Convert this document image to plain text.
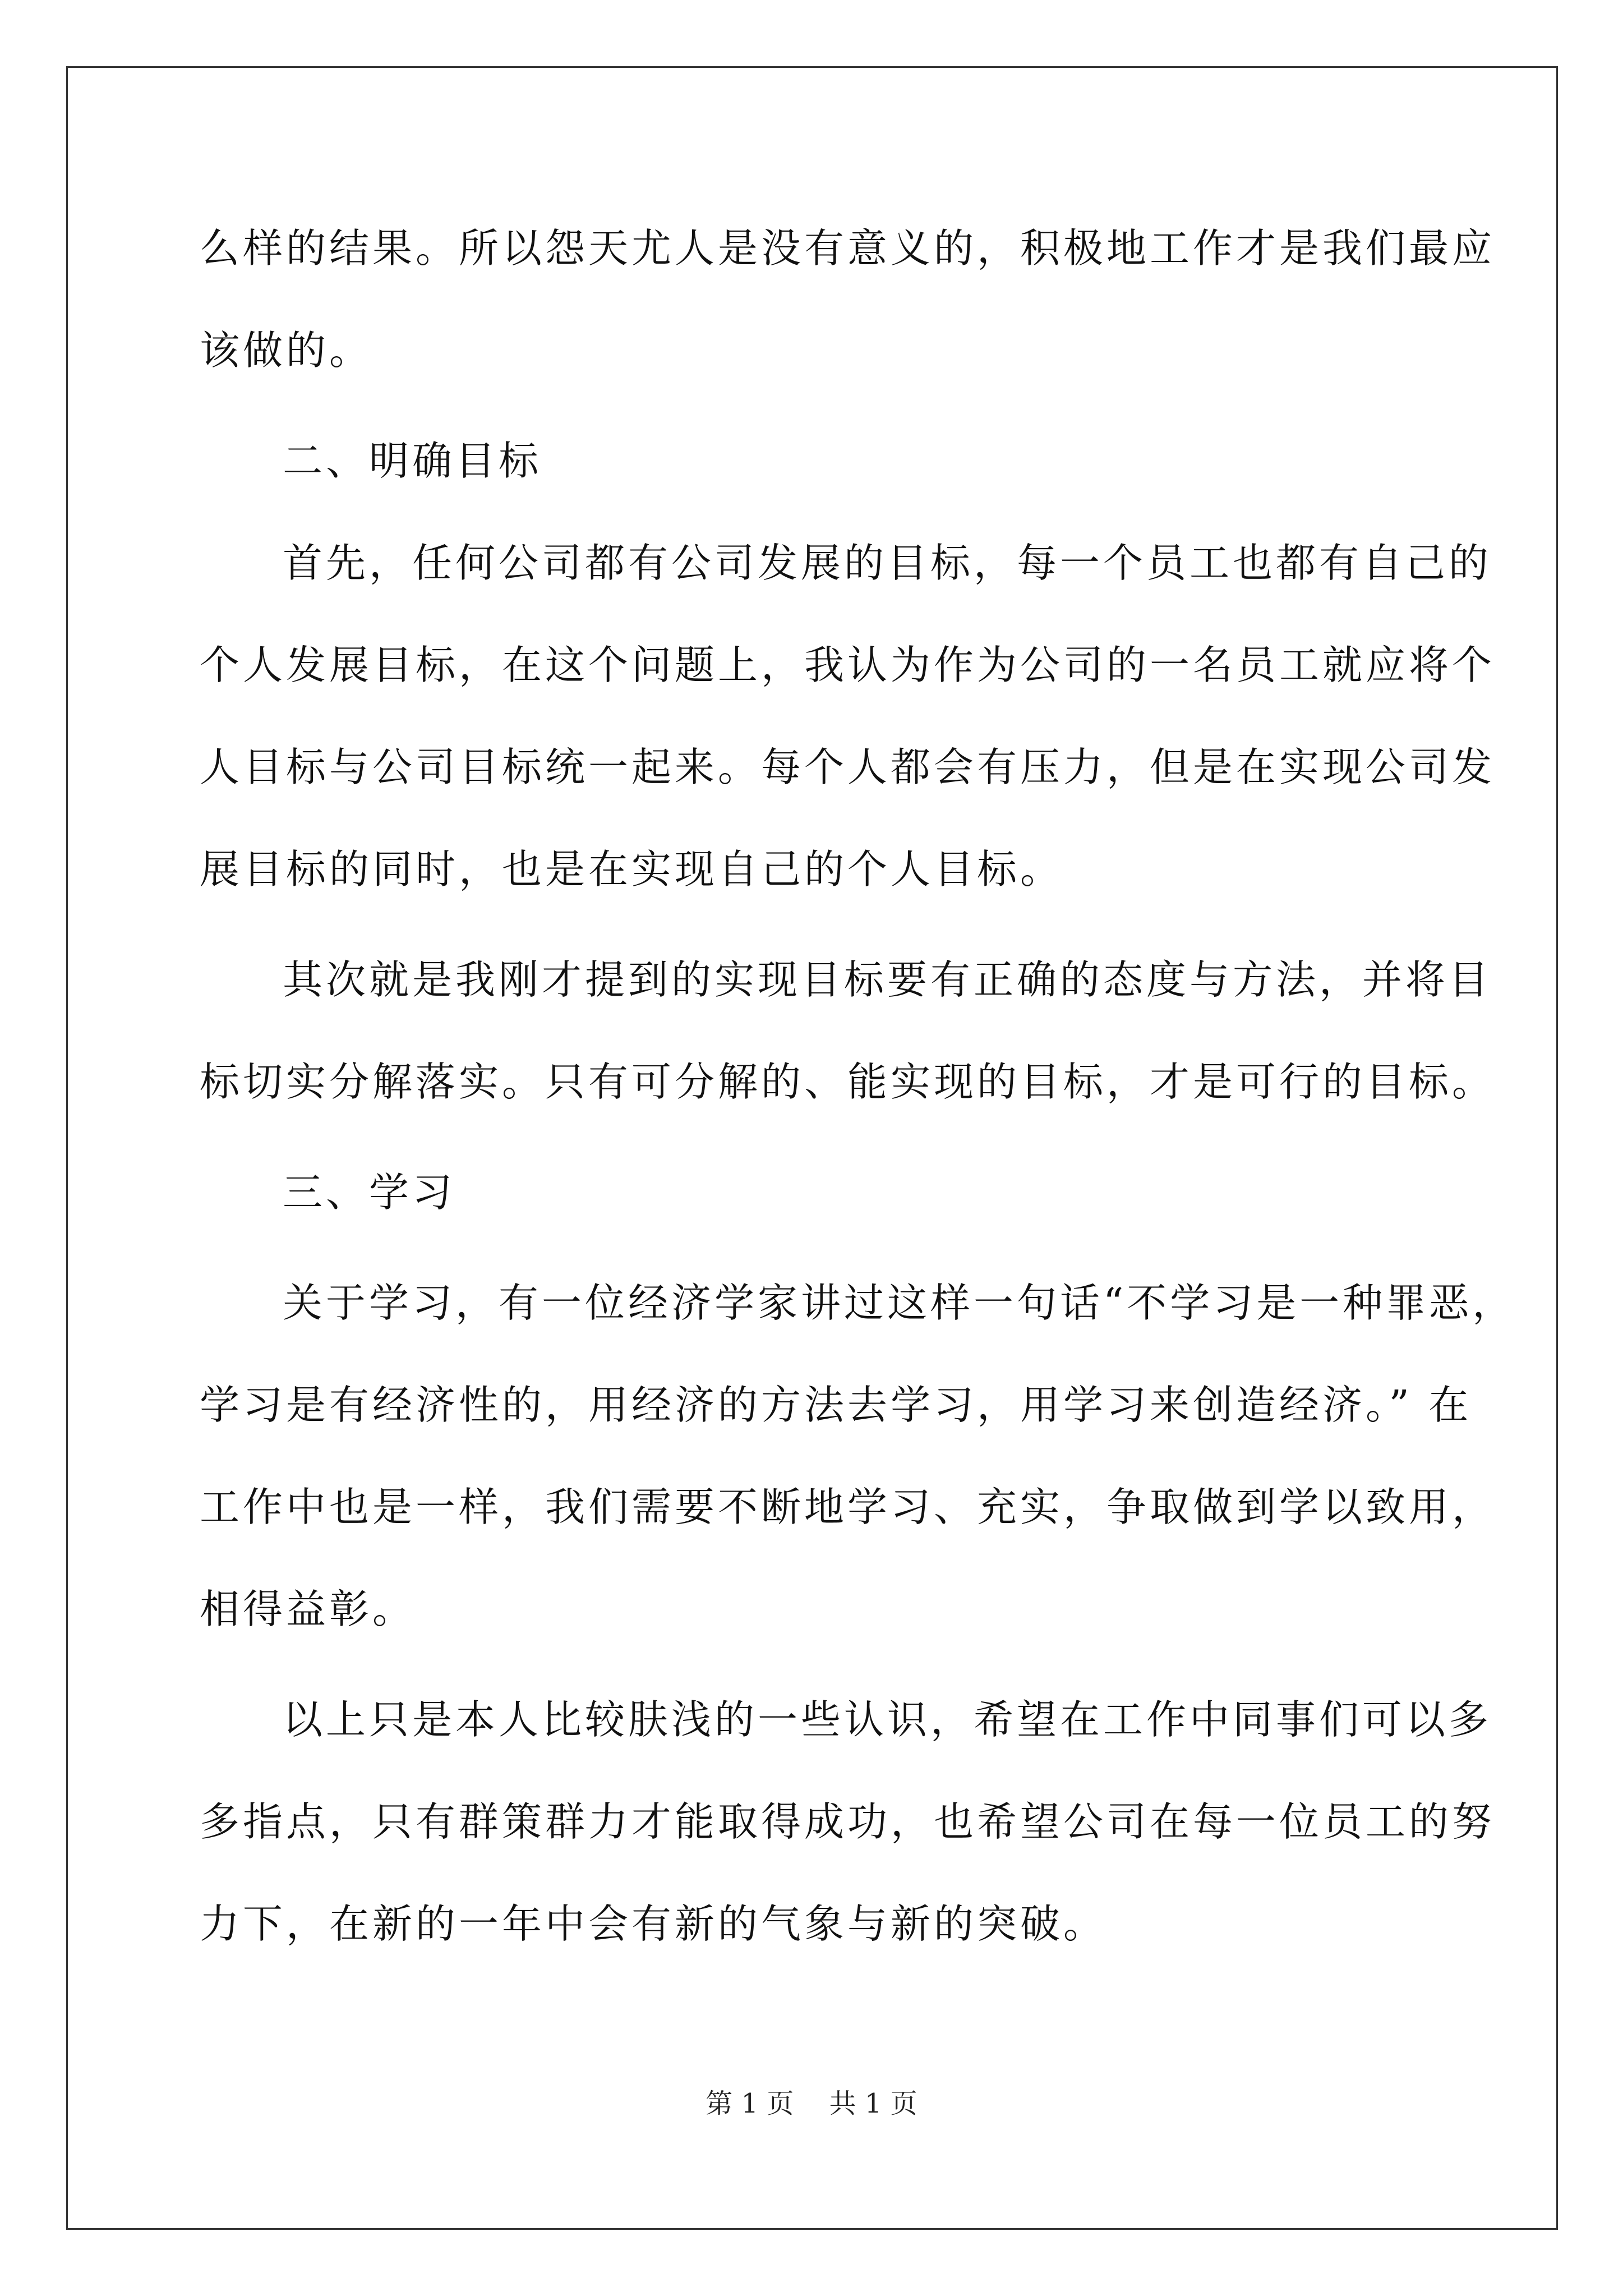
么样的结果。所以怨天尤人是没有意义的，积极地工作才是我们最应
该做的。
二、明确目标
首先，任何公司都有公司发展的目标，每一个员工也都有自己的
个人发展目标，在这个问题上，我认为作为公司的一名员工就应将个
人目标与公司目标统一起来。每个人都会有压力，但是在实现公司发
展目标的同时，也是在实现自己的个人目标。
其次就是我刚才提到的实现目标要有正确的态度与方法，并将目
标切实分解落实。只有可分解的、能实现的目标，才是可行的目标。
三、学习
关于学习，有一位经济学家讲过这样一句话“不学习是一种罪恶，
学习是有经济性的，用经济的方法去学习，用学习来创造经济。” 在
工作中也是一样，我们需要不断地学习、充实，争取做到学以致用，
相得益彰。
以上只是本人比较肤浅的一些认识，希望在工作中同事们可以多
多指点，只有群策群力才能取得成功，也希望公司在每一位员工的努
力下，在新的一年中会有新的气象与新的突破。
第 1 页 共 1 页
